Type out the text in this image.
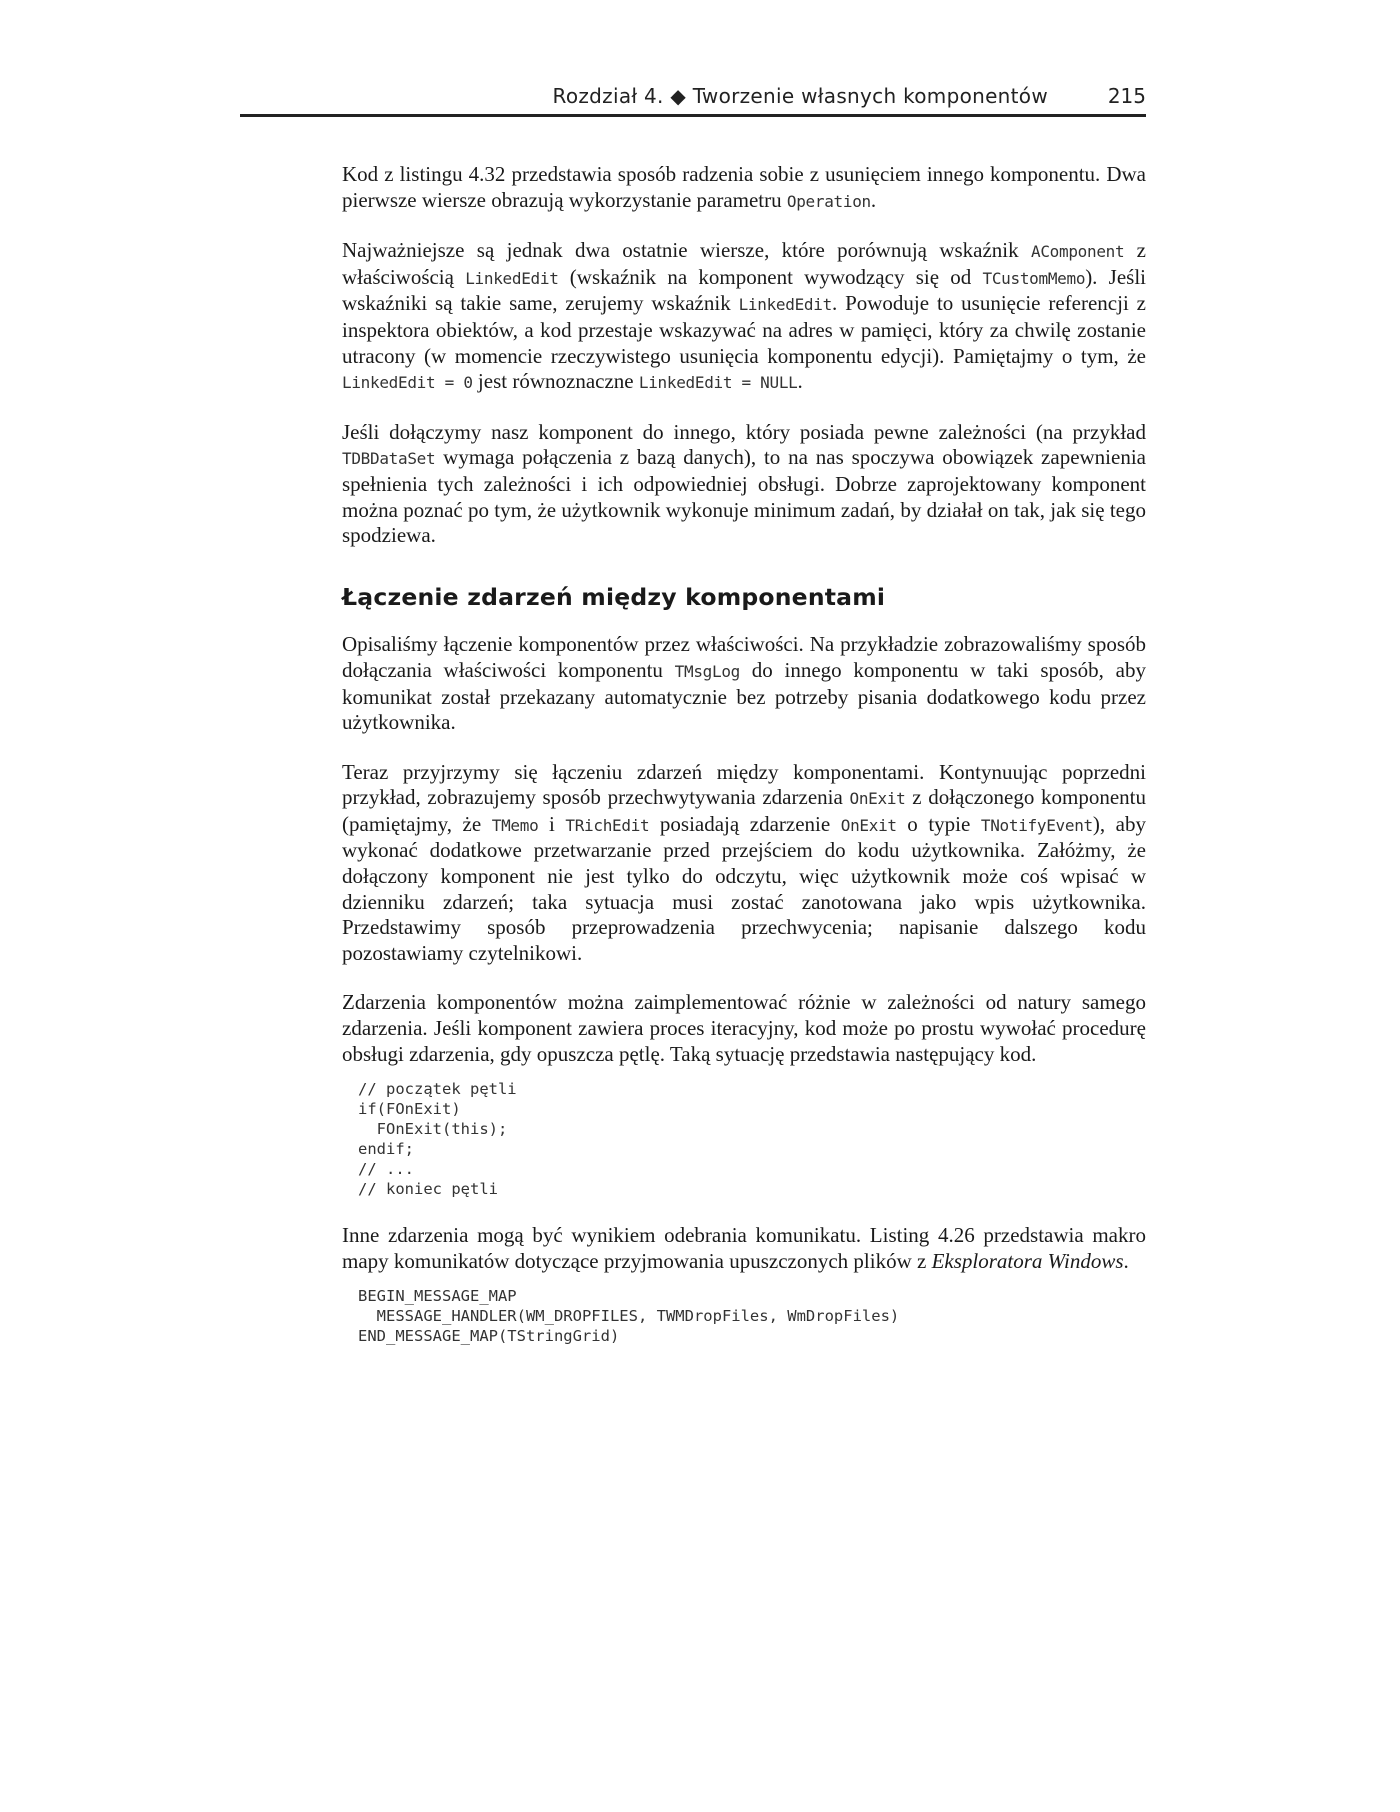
Rozdział 4. ◆ Tworzenie własnych komponentów	215

Kod z listingu 4.32 przedstawia sposób radzenia sobie z usunięciem innego komponentu. Dwa pierwsze wiersze obrazują wykorzystanie parametru Operation.

Najważniejsze są jednak dwa ostatnie wiersze, które porównują wskaźnik AComponent z właściwością LinkedEdit (wskaźnik na komponent wywodzący się od TCustomMemo). Jeśli wskaźniki są takie same, zerujemy wskaźnik LinkedEdit. Powoduje to usunięcie referencji z inspektora obiektów, a kod przestaje wskazywać na adres w pamięci, który za chwilę zostanie utracony (w momencie rzeczywistego usunięcia komponentu edycji). Pamiętajmy o tym, że LinkedEdit = 0 jest równoznaczne LinkedEdit = NULL.

Jeśli dołączymy nasz komponent do innego, który posiada pewne zależności (na przykład TDBDataSet wymaga połączenia z bazą danych), to na nas spoczywa obowiązek zapewnienia spełnienia tych zależności i ich odpowiedniej obsługi. Dobrze zaprojektowany komponent można poznać po tym, że użytkownik wykonuje minimum zadań, by działał on tak, jak się tego spodziewa.

Łączenie zdarzeń między komponentami

Opisaliśmy łączenie komponentów przez właściwości. Na przykładzie zobrazowaliśmy sposób dołączania właściwości komponentu TMsgLog do innego komponentu w taki sposób, aby komunikat został przekazany automatycznie bez potrzeby pisania dodatkowego kodu przez użytkownika.

Teraz przyjrzymy się łączeniu zdarzeń między komponentami. Kontynuując poprzedni przykład, zobrazujemy sposób przechwytywania zdarzenia OnExit z dołączonego komponentu (pamiętajmy, że TMemo i TRichEdit posiadają zdarzenie OnExit o typie TNotifyEvent), aby wykonać dodatkowe przetwarzanie przed przejściem do kodu użytkownika. Załóżmy, że dołączony komponent nie jest tylko do odczytu, więc użytkownik może coś wpisać w dzienniku zdarzeń; taka sytuacja musi zostać zanotowana jako wpis użytkownika. Przedstawimy sposób przeprowadzenia przechwycenia; napisanie dalszego kodu pozostawiamy czytelnikowi.

Zdarzenia komponentów można zaimplementować różnie w zależności od natury samego zdarzenia. Jeśli komponent zawiera proces iteracyjny, kod może po prostu wywołać procedurę obsługi zdarzenia, gdy opuszcza pętlę. Taką sytuację przedstawia następujący kod.

// początek pętli
if(FOnExit)
FOnExit(this);
endif;
// ...
// koniec pętli

Inne zdarzenia mogą być wynikiem odebrania komunikatu. Listing 4.26 przedstawia makro mapy komunikatów dotyczące przyjmowania upuszczonych plików z Eksploratora Windows.

BEGIN_MESSAGE_MAP
MESSAGE_HANDLER(WM_DROPFILES, TWMDropFiles, WmDropFiles)
END_MESSAGE_MAP(TStringGrid)
